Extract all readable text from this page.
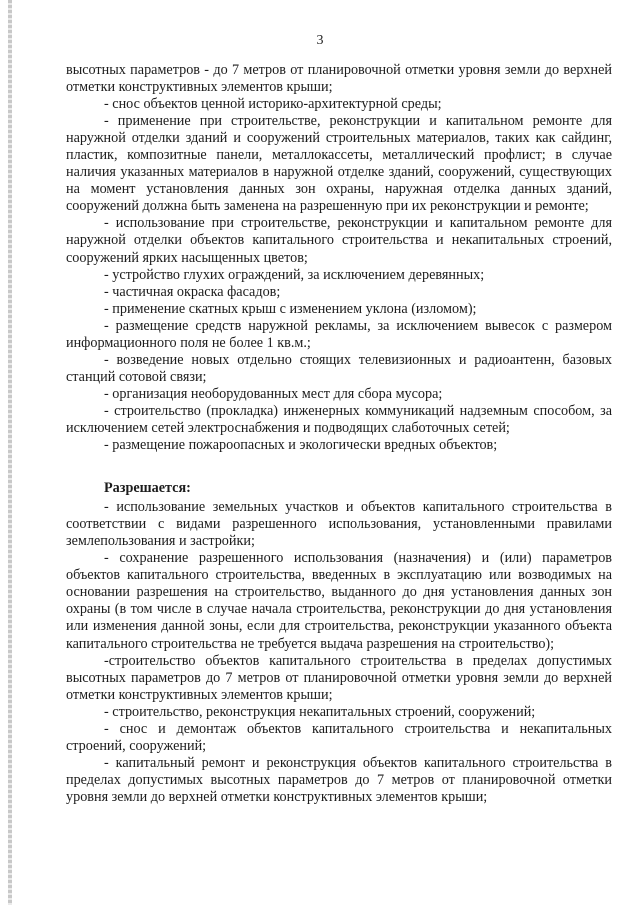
3

высотных параметров - до 7 метров от планировочной отметки уровня земли до верхней отметки конструктивных элементов крыши;

- снос объектов ценной историко-архитектурной среды;

- применение при строительстве, реконструкции и капитальном ремонте для наружной отделки зданий и сооружений строительных материалов, таких как сайдинг, пластик, композитные панели, металлокассеты, металлический профлист; в случае наличия указанных материалов в наружной отделке зданий, сооружений, существующих на момент установления данных зон охраны, наружная отделка данных зданий, сооружений должна быть заменена на разрешенную при их реконструкции и ремонте;

- использование при строительстве, реконструкции и капитальном ремонте для наружной отделки объектов капитального строительства и некапитальных строений, сооружений ярких насыщенных цветов;

- устройство глухих ограждений, за исключением деревянных;

- частичная окраска фасадов;

- применение скатных крыш с изменением уклона (изломом);

- размещение средств наружной рекламы, за исключением вывесок с размером информационного поля не более 1 кв.м.;

- возведение новых отдельно стоящих телевизионных и радиоантенн, базовых станций сотовой связи;

- организация необорудованных мест для сбора мусора;

- строительство (прокладка) инженерных коммуникаций надземным способом, за исключением сетей электроснабжения и подводящих слаботочных сетей;

- размещение пожароопасных и экологически вредных объектов;

Разрешается:

- использование земельных участков и объектов капитального строительства в соответствии с видами разрешенного использования, установленными правилами землепользования и застройки;

- сохранение разрешенного использования (назначения) и (или) параметров объектов капитального строительства, введенных в эксплуатацию или возводимых на основании разрешения на строительство, выданного до дня установления данных зон охраны (в том числе в случае начала строительства, реконструкции до дня установления или изменения данной зоны, если для строительства, реконструкции указанного объекта капитального строительства не требуется выдача разрешения на строительство);

-строительство объектов капитального строительства в пределах допустимых высотных параметров до 7 метров от планировочной отметки уровня земли до верхней отметки конструктивных элементов крыши;

- строительство, реконструкция некапитальных строений, сооружений;

- снос и демонтаж объектов капитального строительства и некапитальных строений, сооружений;

- капитальный ремонт и реконструкция объектов капитального строительства в пределах допустимых высотных параметров до 7 метров от планировочной отметки уровня земли до верхней отметки конструктивных элементов крыши;
